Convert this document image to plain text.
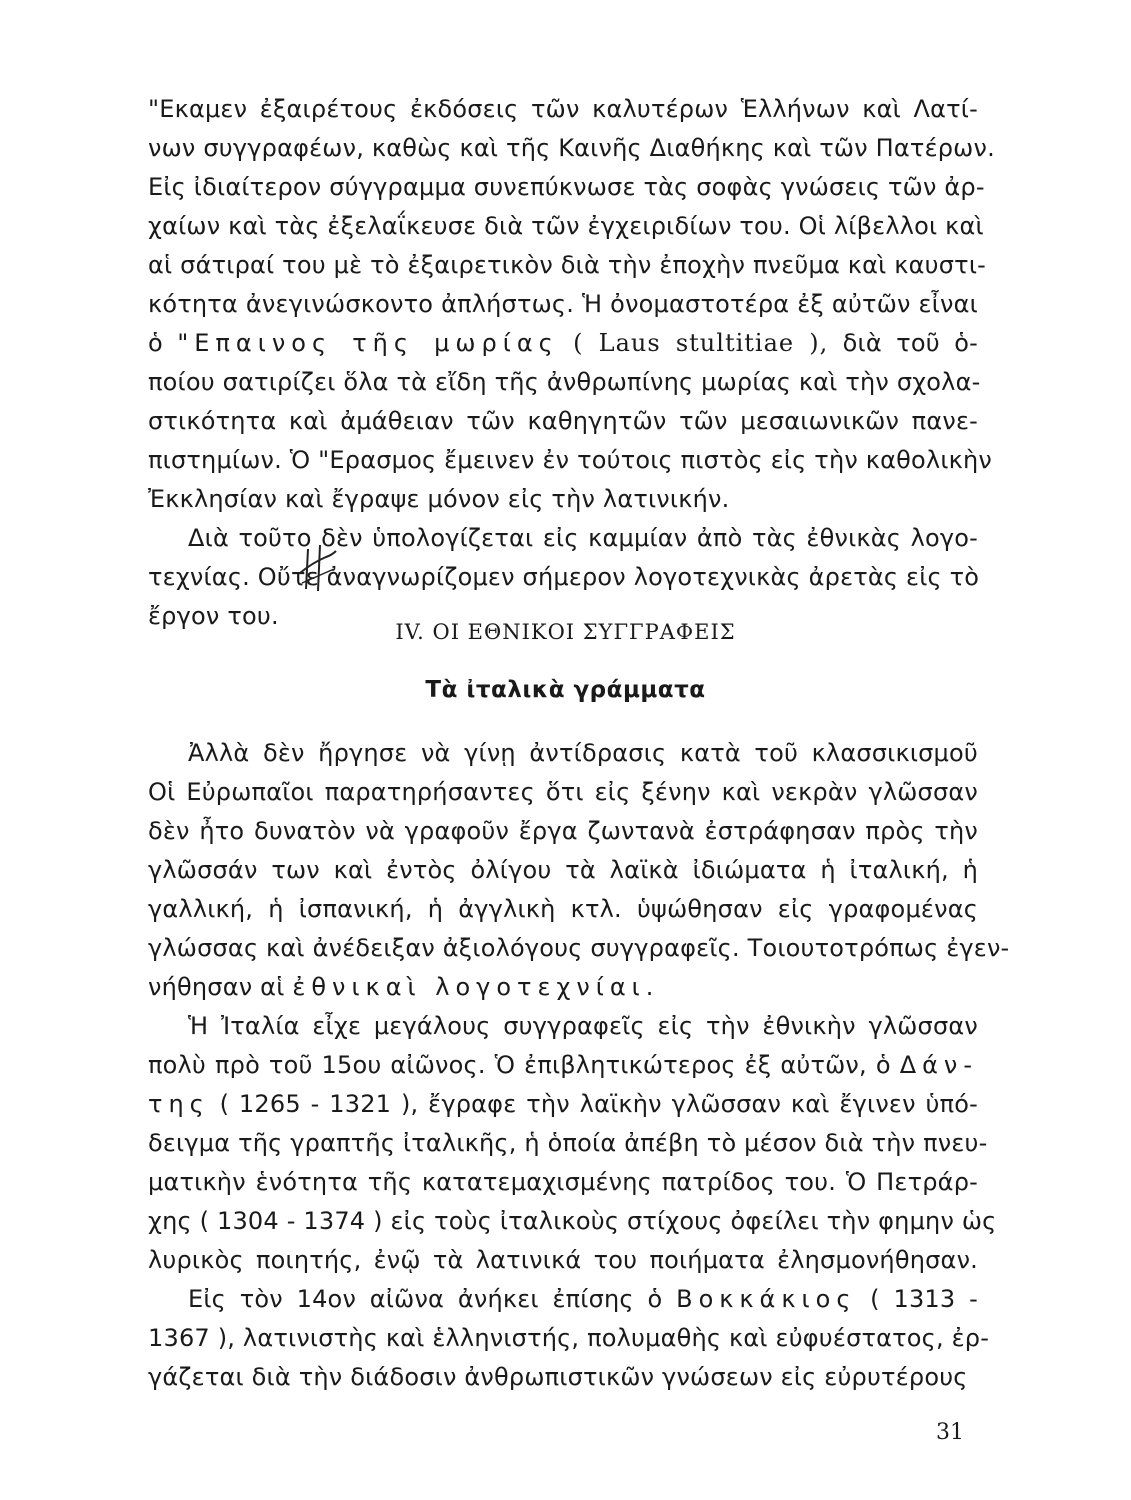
"Εκαμεν ἐξαιρέτους ἐκδόσεις τῶν καλυτέρων Ἑλλήνων καὶ Λατί-
νων συγγραφέων, καθὼς καὶ τῆς Καινῆς Διαθήκης καὶ τῶν Πατέρων.
Εἰς ἰδιαίτερον σύγγραμμα συνεπύκνωσε τὰς σοφὰς γνώσεις τῶν ἀρ-
χαίων καὶ τὰς ἐξελαΐκευσε διὰ τῶν ἐγχειριδίων του. Οἱ λίβελλοι καὶ
αἱ σάτιραί του μὲ τὸ ἐξαιρετικὸν διὰ τὴν ἐποχὴν πνεῦμα καὶ καυστι-
κότητα ἀνεγινώσκοντο ἀπλήστως. Ἡ ὀνομαστοτέρα ἐξ αὐτῶν εἶναι
ὁ "Επαινος τῆς μωρίας ( Laus stultitiae ), διὰ τοῦ ὁ-
ποίου σατιρίζει ὅλα τὰ εἴδη τῆς ἀνθρωπίνης μωρίας καὶ τὴν σχολα-
στικότητα καὶ ἀμάθειαν τῶν καθηγητῶν τῶν μεσαιωνικῶν πανε-
πιστημίων. Ὁ "Ερασμος ἔμεινεν ἐν τούτοις πιστὸς εἰς τὴν καθολικὴν
Ἐκκλησίαν καὶ ἔγραψε μόνον εἰς τὴν λατινικήν.
Διὰ τοῦτο δὲν ὑπολογίζεται εἰς καμμίαν ἀπὸ τὰς ἐθνικὰς λογο-
τεχνίας. Οὔτε ἀναγνωρίζομεν σήμερον λογοτεχνικὰς ἀρετὰς εἰς τὸ
ἔργον του.
IV. ΟΙ ΕΘΝΙΚΟΙ ΣΥΓΓΡΑΦΕΙΣ
Τὰ ἰταλικὰ γράμματα
Ἀλλὰ δὲν ἤργησε νὰ γίνῃ ἀντίδρασις κατὰ τοῦ κλασσικισμοῦ
Οἱ Εὐρωπαῖοι παρατηρήσαντες ὅτι εἰς ξένην καὶ νεκρὰν γλῶσσαν
δὲν ἦτο δυνατὸν νὰ γραφοῦν ἔργα ζωντανὰ ἐστράφησαν πρὸς τὴν
γλῶσσάν των καὶ ἐντὸς ὀλίγου τὰ λαϊκὰ ἰδιώματα ἡ ἰταλική, ἡ
γαλλική, ἡ ἰσπανική, ἡ ἀγγλικὴ κτλ. ὑψώθησαν εἰς γραφομένας
γλώσσας καὶ ἀνέδειξαν ἀξιολόγους συγγραφεῖς. Τοιουτοτρόπως ἐγεν-
νήθησαν αἱ ἐθνικαὶ λογοτεχνίαι.
Ἡ Ἰταλία εἶχε μεγάλους συγγραφεῖς εἰς τὴν ἐθνικὴν γλῶσσαν
πολὺ πρὸ τοῦ 15ου αἰῶνος. Ὁ ἐπιβλητικώτερος ἐξ αὐτῶν, ὁ Δάν-
της ( 1265 - 1321 ), ἔγραφε τὴν λαϊκὴν γλῶσσαν καὶ ἔγινεν ὑπό-
δειγμα τῆς γραπτῆς ἰταλικῆς, ἡ ὁποία ἀπέβη τὸ μέσον διὰ τὴν πνευ-
ματικὴν ἑνότητα τῆς κατατεμαχισμένης πατρίδος του. Ὁ Πετράρ-
χης ( 1304 - 1374 ) εἰς τοὺς ἰταλικοὺς στίχους ὀφείλει τὴν φημην ὡς
λυρικὸς ποιητής, ἐνῷ τὰ λατινικά του ποιήματα ἐλησμονήθησαν.
Εἰς τὸν 14ον αἰῶνα ἀνήκει ἐπίσης ὁ Βοκκάκιος ( 1313 -
1367 ), λατινιστὴς καὶ ἑλληνιστής, πολυμαθὴς καὶ εὐφυέστατος, ἐρ-
γάζεται διὰ τὴν διάδοσιν ἀνθρωπιστικῶν γνώσεων εἰς εὐρυτέρους
31
